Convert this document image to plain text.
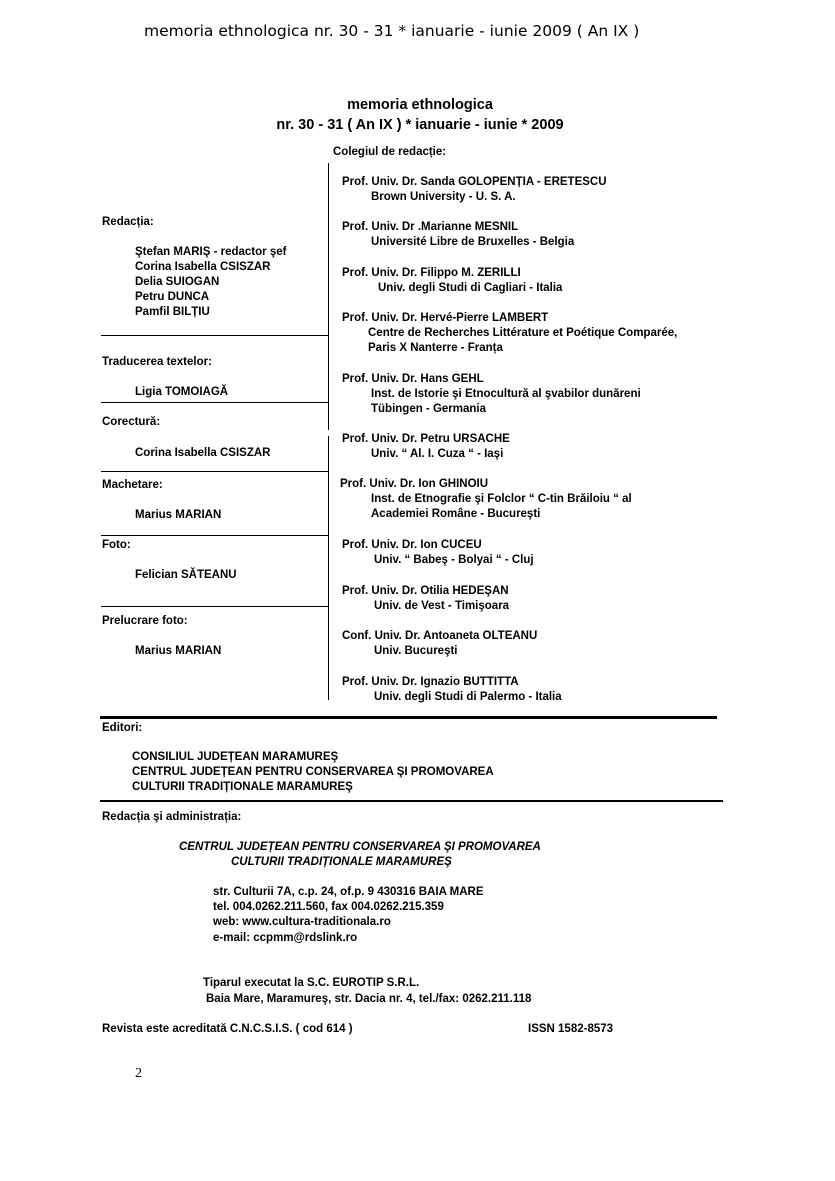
memoria ethnologica nr. 30 - 31 * ianuarie - iunie 2009 ( An IX )
memoria ethnologica
nr. 30 - 31 ( An IX ) * ianuarie - iunie * 2009
Colegiul de redacție:
Redacția:
Ştefan MARIŞ - redactor şef
Corina Isabella CSISZAR
Delia SUIOGAN
Petru DUNCA
Pamfil BILȚIU
Traducerea textelor:
Ligia TOMOIAGĂ
Corectură:
Corina Isabella CSISZAR
Machetare:
Marius MARIAN
Foto:
Felician SĂTEANU
Prelucrare foto:
Marius MARIAN
Prof. Univ. Dr. Sanda GOLOPENȚIA - ERETESCU
Brown University - U. S. A.
Prof. Univ. Dr .Marianne MESNIL
Université Libre de Bruxelles - Belgia
Prof. Univ. Dr. Filippo M. ZERILLI
Univ. degli Studi di Cagliari - Italia
Prof. Univ. Dr. Hervé-Pierre LAMBERT
Centre de Recherches Littérature et Poétique Comparée,
Paris X Nanterre - Franța
Prof. Univ. Dr. Hans GEHL
Inst. de Istorie şi Etnocultură al şvabilor dunăreni
Tübingen - Germania
Prof. Univ. Dr. Petru URSACHE
Univ. “ Al. I. Cuza “ - Iaşi
Prof. Univ. Dr. Ion GHINOIU
Inst. de Etnografie şi Folclor “ C-tin Brăiloiu “ al
Academiei Române - Bucureşti
Prof. Univ. Dr. Ion CUCEU
Univ. “ Babeş - Bolyai “ - Cluj
Prof. Univ. Dr. Otilia HEDEŞAN
Univ. de Vest - Timişoara
Conf. Univ. Dr. Antoaneta OLTEANU
Univ. Bucureşti
Prof. Univ. Dr. Ignazio BUTTITTA
Univ. degli Studi di Palermo - Italia
Editori:
CONSILIUL JUDEȚEAN MARAMUREŞ
CENTRUL JUDEȚEAN PENTRU CONSERVAREA ŞI PROMOVAREA
CULTURII TRADIȚIONALE MARAMUREŞ
Redacția şi administrația:
CENTRUL JUDEȚEAN PENTRU CONSERVAREA ŞI PROMOVAREA
CULTURII TRADIȚIONALE MARAMUREŞ
str. Culturii 7A, c.p. 24, of.p. 9 430316 BAIA MARE
tel. 004.0262.211.560, fax 004.0262.215.359
web: www.cultura-traditionala.ro
e-mail: ccpmm@rdslink.ro
Tiparul executat la S.C. EUROTIP S.R.L.
Baia Mare, Maramureş, str. Dacia nr. 4, tel./fax: 0262.211.118
Revista este acreditată C.N.C.S.I.S. ( cod 614 )	ISSN 1582-8573
2
